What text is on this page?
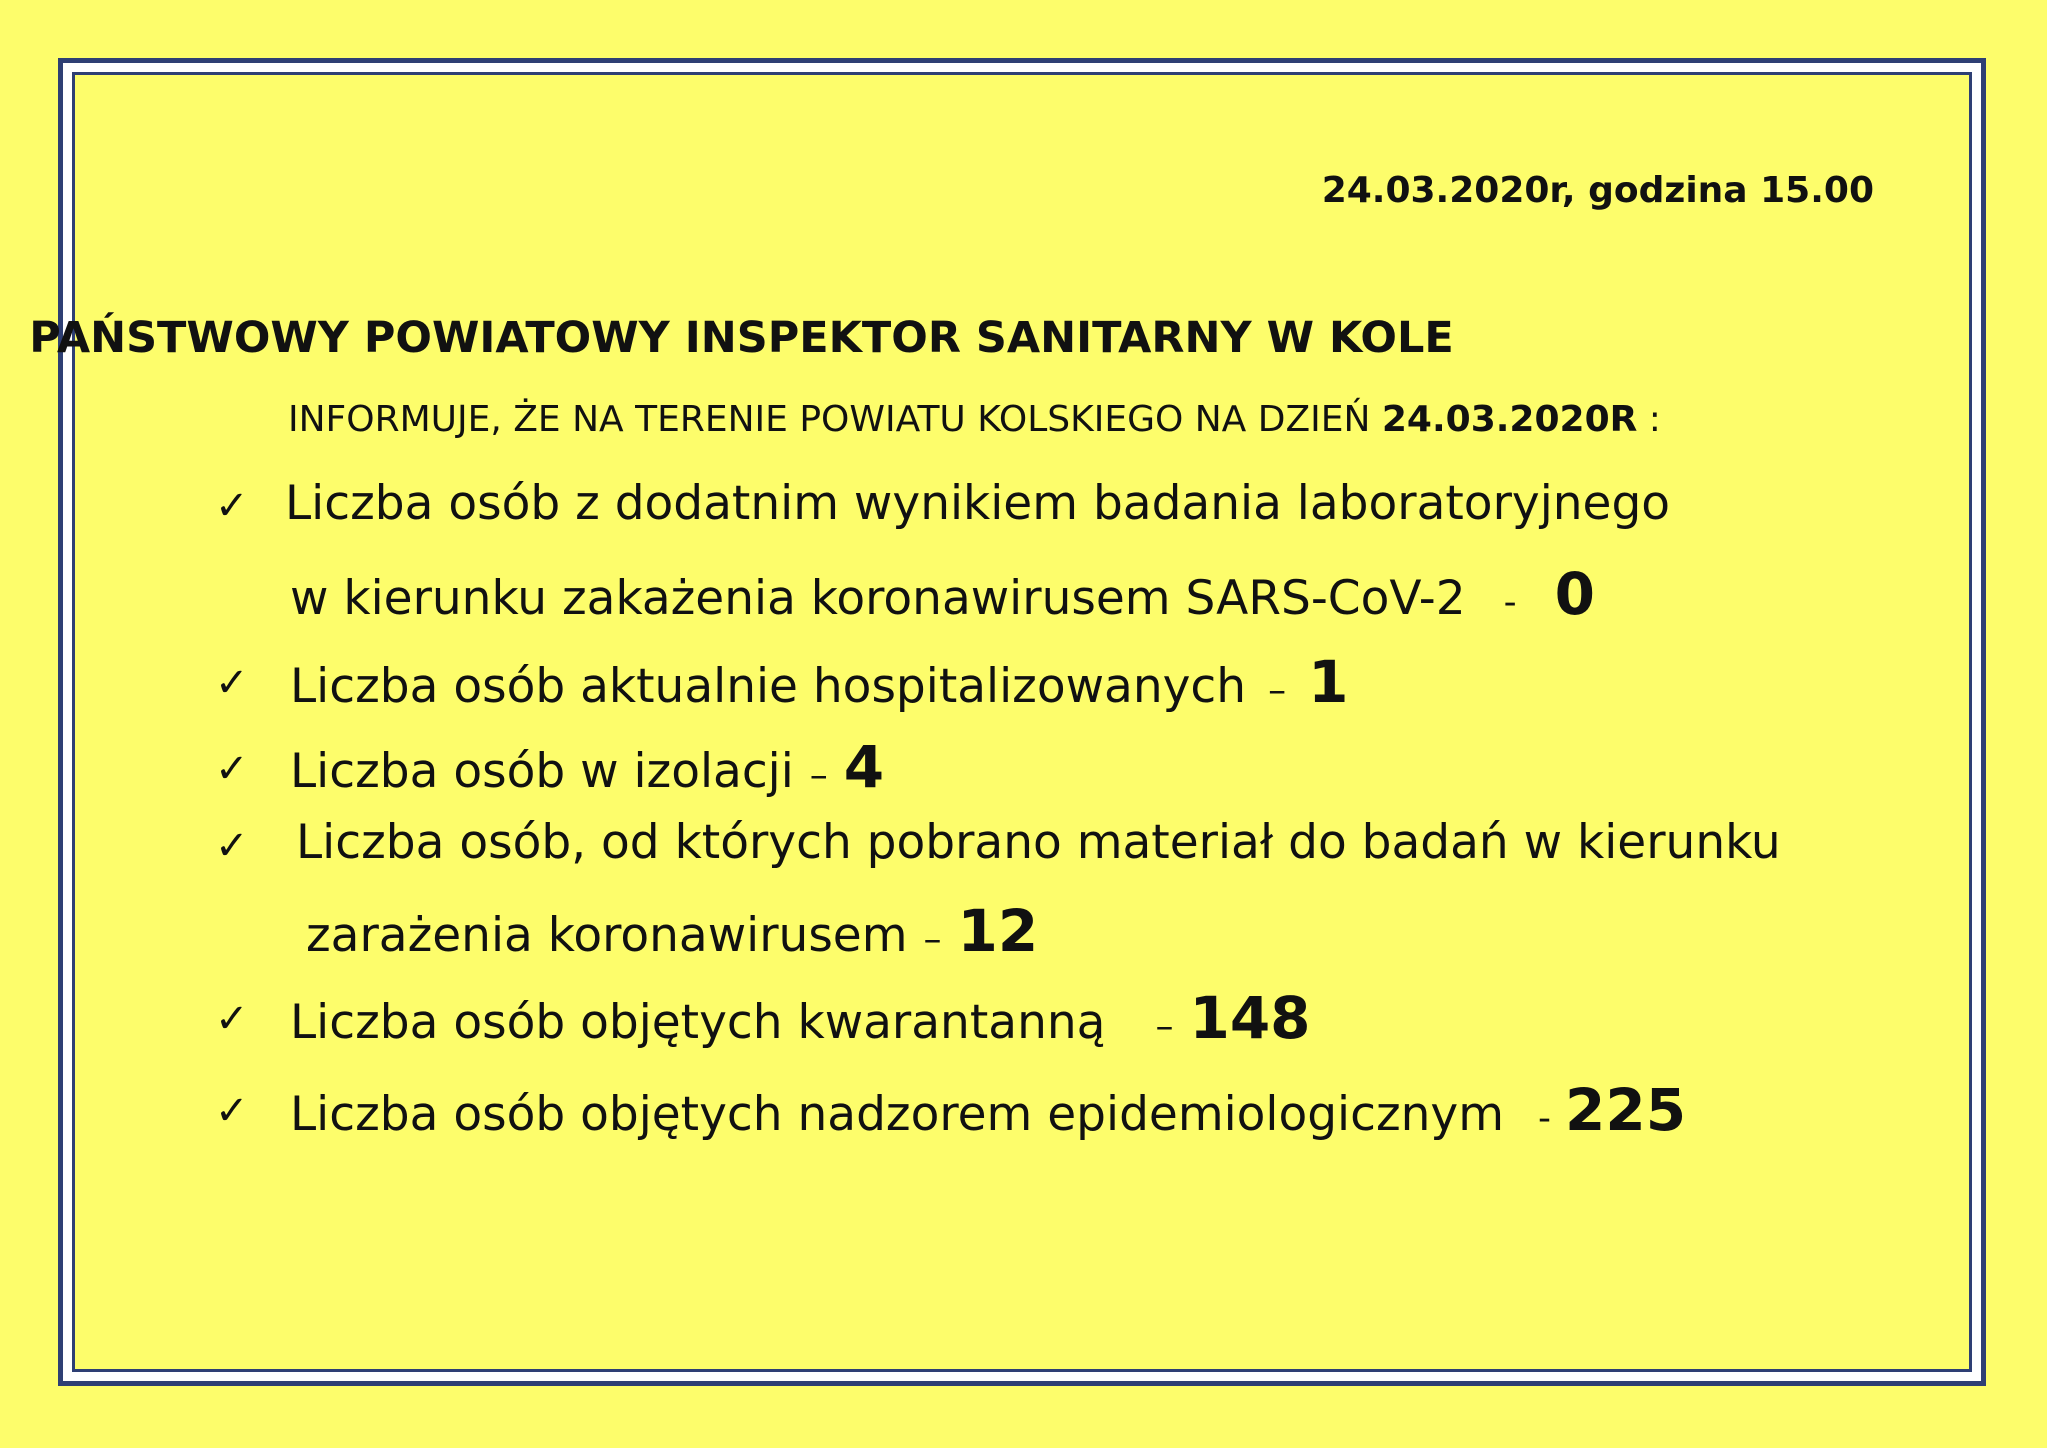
24.03.2020r, godzina 15.00
PAŃSTWOWY POWIATOWY INSPEKTOR SANITARNY W KOLE
INFORMUJE, ŻE NA TERENIE POWIATU KOLSKIEGO NA DZIEŃ 24.03.2020R :
✓ Liczba osób z dodatnim wynikiem badania laboratoryjnego
w kierunku zakażenia koronawirusem SARS-CoV-2 - 0
✓ Liczba osób aktualnie hospitalizowanych – 1
✓ Liczba osób w izolacji – 4
✓ Liczba osób, od których pobrano materiał do badań w kierunku
zarażenia koronawirusem – 12
✓ Liczba osób objętych kwarantanną – 148
✓ Liczba osób objętych nadzorem epidemiologicznym - 225
